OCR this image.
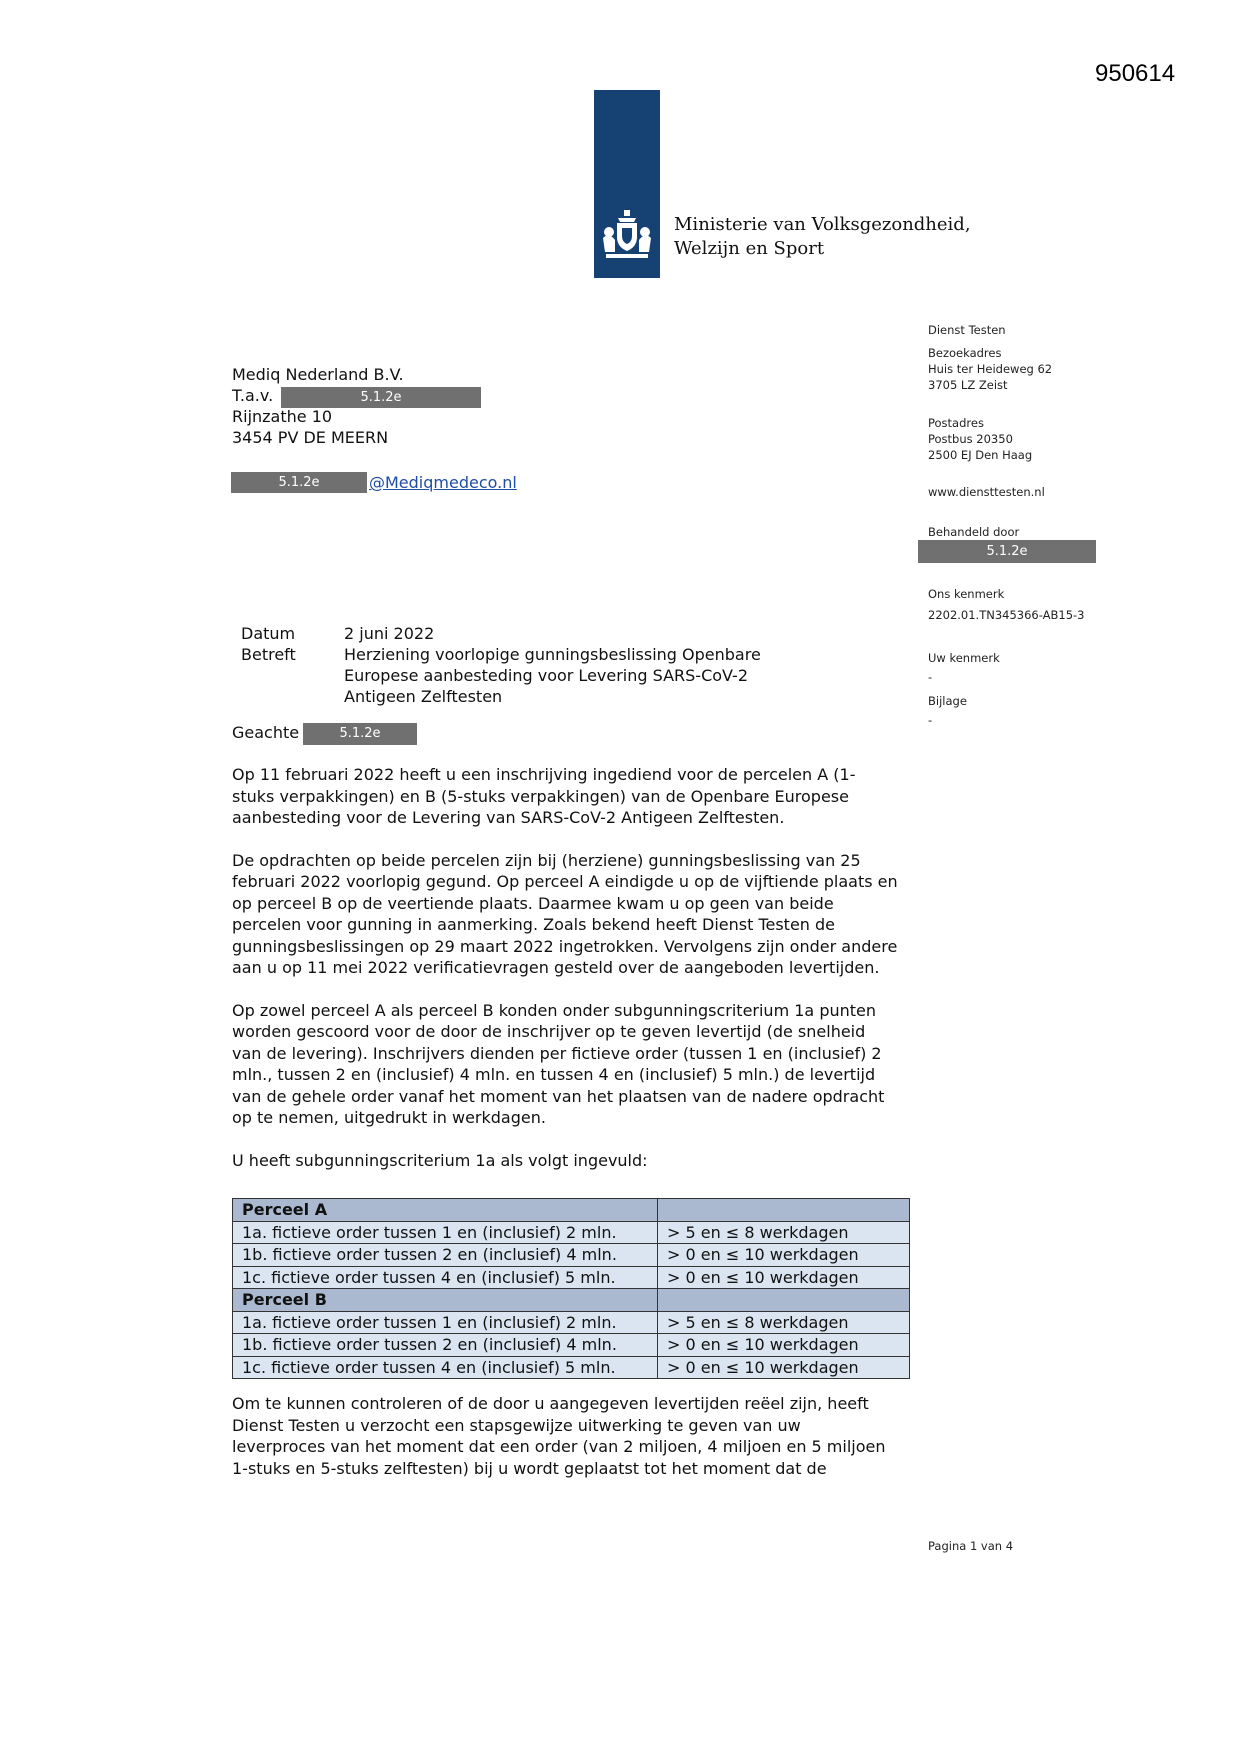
950614
Ministerie van Volksgezondheid,
Welzijn en Sport
Mediq Nederland B.V.
T.a.v.	5.1.2e
Rijnzathe 10
3454 PV DE MEERN
5.1.2e	@Mediqmedeco.nl
Dienst Testen
Bezoekadres
Huis ter Heideweg 62
3705 LZ Zeist
Postadres
Postbus 20350
2500 EJ Den Haag
www.diensttesten.nl
Behandeld door
5.1.2e
Ons kenmerk
2202.01.TN345366-AB15-3
Uw kenmerk
-
Bijlage
-
Datum	2 juni 2022
Betreft	Herziening voorlopige gunningsbeslissing Openbare
Europese aanbesteding voor Levering SARS-CoV-2
Antigeen Zelftesten
Geachte	5.1.2e

Op 11 februari 2022 heeft u een inschrijving ingediend voor de percelen A (1-
stuks verpakkingen) en B (5-stuks verpakkingen) van de Openbare Europese
aanbesteding voor de Levering van SARS-CoV-2 Antigeen Zelftesten.

De opdrachten op beide percelen zijn bij (herziene) gunningsbeslissing van 25
februari 2022 voorlopig gegund. Op perceel A eindigde u op de vijftiende plaats en
op perceel B op de veertiende plaats. Daarmee kwam u op geen van beide
percelen voor gunning in aanmerking. Zoals bekend heeft Dienst Testen de
gunningsbeslissingen op 29 maart 2022 ingetrokken. Vervolgens zijn onder andere
aan u op 11 mei 2022 verificatievragen gesteld over de aangeboden levertijden.

Op zowel perceel A als perceel B konden onder subgunningscriterium 1a punten
worden gescoord voor de door de inschrijver op te geven levertijd (de snelheid
van de levering). Inschrijvers dienden per fictieve order (tussen 1 en (inclusief) 2
mln., tussen 2 en (inclusief) 4 mln. en tussen 4 en (inclusief) 5 mln.) de levertijd
van de gehele order vanaf het moment van het plaatsen van de nadere opdracht
op te nemen, uitgedrukt in werkdagen.

U heeft subgunningscriterium 1a als volgt ingevuld:

Perceel A	
1a. fictieve order tussen 1 en (inclusief) 2 mln.	> 5 en ≤ 8 werkdagen
1b. fictieve order tussen 2 en (inclusief) 4 mln.	> 0 en ≤ 10 werkdagen
1c. fictieve order tussen 4 en (inclusief) 5 mln.	> 0 en ≤ 10 werkdagen
Perceel B	
1a. fictieve order tussen 1 en (inclusief) 2 mln.	> 5 en ≤ 8 werkdagen
1b. fictieve order tussen 2 en (inclusief) 4 mln.	> 0 en ≤ 10 werkdagen
1c. fictieve order tussen 4 en (inclusief) 5 mln.	> 0 en ≤ 10 werkdagen

Om te kunnen controleren of de door u aangegeven levertijden reëel zijn, heeft
Dienst Testen u verzocht een stapsgewijze uitwerking te geven van uw
leverproces van het moment dat een order (van 2 miljoen, 4 miljoen en 5 miljoen
1-stuks en 5-stuks zelftesten) bij u wordt geplaatst tot het moment dat de

Pagina 1 van 4
